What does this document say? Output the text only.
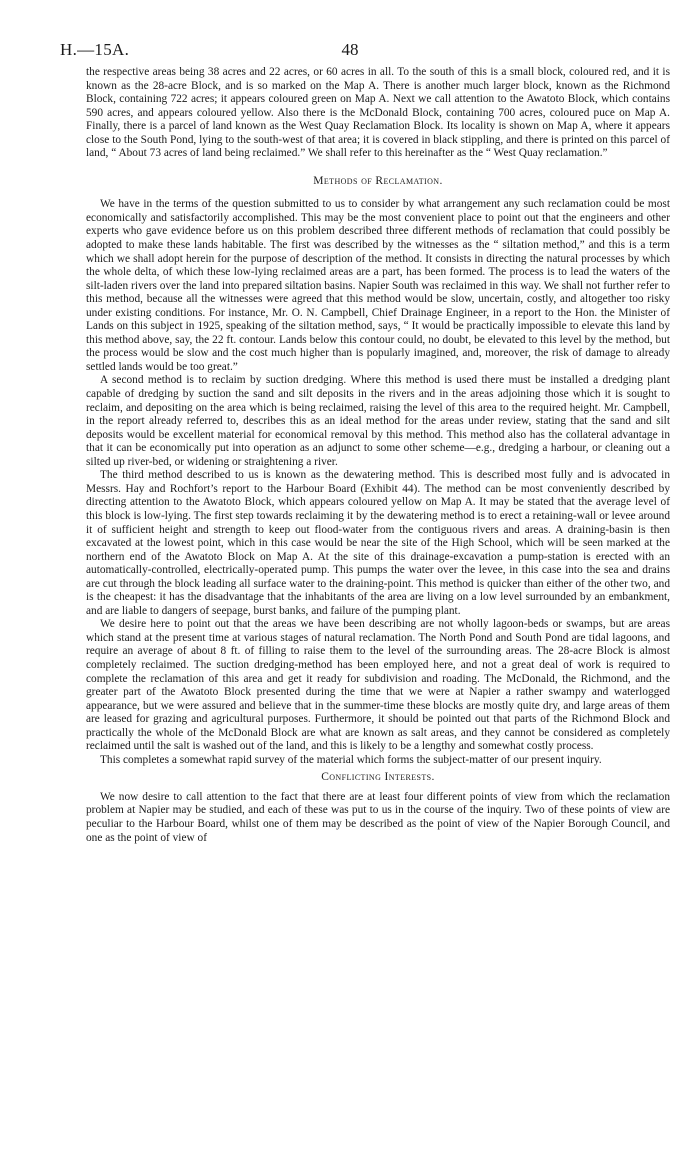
H.—15A.	48

the respective areas being 38 acres and 22 acres, or 60 acres in all. To the south of this is a small block, coloured red, and it is known as the 28-acre Block, and is so marked on the Map A. There is another much larger block, known as the Richmond Block, containing 722 acres; it appears coloured green on Map A. Next we call attention to the Awatoto Block, which contains 590 acres, and appears coloured yellow. Also there is the McDonald Block, containing 700 acres, coloured puce on Map A. Finally, there is a parcel of land known as the West Quay Reclamation Block. Its locality is shown on Map A, where it appears close to the South Pond, lying to the south-west of that area; it is covered in black stippling, and there is printed on this parcel of land, “ About 73 acres of land being reclaimed.” We shall refer to this hereinafter as the “ West Quay reclamation.”

Methods of Reclamation.

We have in the terms of the question submitted to us to consider by what arrangement any such reclamation could be most economically and satisfactorily accomplished. This may be the most convenient place to point out that the engineers and other experts who gave evidence before us on this problem described three different methods of reclamation that could possibly be adopted to make these lands habitable. The first was described by the witnesses as the “ siltation method,” and this is a term which we shall adopt herein for the purpose of description of the method. It consists in directing the natural processes by which the whole delta, of which these low-lying reclaimed areas are a part, has been formed. The process is to lead the waters of the silt-laden rivers over the land into prepared siltation basins. Napier South was reclaimed in this way. We shall not further refer to this method, because all the witnesses were agreed that this method would be slow, uncertain, costly, and altogether too risky under existing conditions. For instance, Mr. O. N. Campbell, Chief Drainage Engineer, in a report to the Hon. the Minister of Lands on this subject in 1925, speaking of the siltation method, says, “ It would be practically impossible to elevate this land by this method above, say, the 22 ft. contour. Lands below this contour could, no doubt, be elevated to this level by the method, but the process would be slow and the cost much higher than is popularly imagined, and, moreover, the risk of damage to already settled lands would be too great.”

A second method is to reclaim by suction dredging. Where this method is used there must be installed a dredging plant capable of dredging by suction the sand and silt deposits in the rivers and in the areas adjoining those which it is sought to reclaim, and depositing on the area which is being reclaimed, raising the level of this area to the required height. Mr. Campbell, in the report already referred to, describes this as an ideal method for the areas under review, stating that the sand and silt deposits would be excellent material for economical removal by this method. This method also has the collateral advantage in that it can be economically put into operation as an adjunct to some other scheme—e.g., dredging a harbour, or cleaning out a silted up river-bed, or widening or straightening a river.

The third method described to us is known as the dewatering method. This is described most fully and is advocated in Messrs. Hay and Rochfort’s report to the Harbour Board (Exhibit 44). The method can be most conveniently described by directing attention to the Awatoto Block, which appears coloured yellow on Map A. It may be stated that the average level of this block is low-lying. The first step towards reclaiming it by the dewatering method is to erect a retaining-wall or levee around it of sufficient height and strength to keep out flood-water from the contiguous rivers and areas. A draining-basin is then excavated at the lowest point, which in this case would be near the site of the High School, which will be seen marked at the northern end of the Awatoto Block on Map A. At the site of this drainage-excavation a pump-station is erected with an automatically-controlled, electrically-operated pump. This pumps the water over the levee, in this case into the sea and drains are cut through the block leading all surface water to the draining-point. This method is quicker than either of the other two, and is the cheapest: it has the disadvantage that the inhabitants of the area are living on a low level surrounded by an embankment, and are liable to dangers of seepage, burst banks, and failure of the pumping plant.

We desire here to point out that the areas we have been describing are not wholly lagoon-beds or swamps, but are areas which stand at the present time at various stages of natural reclamation. The North Pond and South Pond are tidal lagoons, and require an average of about 8 ft. of filling to raise them to the level of the surrounding areas. The 28-acre Block is almost completely reclaimed. The suction dredging-method has been employed here, and not a great deal of work is required to complete the reclamation of this area and get it ready for subdivision and roading. The McDonald, the Richmond, and the greater part of the Awatoto Block presented during the time that we were at Napier a rather swampy and waterlogged appearance, but we were assured and believe that in the summer-time these blocks are mostly quite dry, and large areas of them are leased for grazing and agricultural purposes. Furthermore, it should be pointed out that parts of the Richmond Block and practically the whole of the McDonald Block are what are known as salt areas, and they cannot be considered as completely reclaimed until the salt is washed out of the land, and this is likely to be a lengthy and somewhat costly process.

This completes a somewhat rapid survey of the material which forms the subject-matter of our present inquiry.

Conflicting Interests.

We now desire to call attention to the fact that there are at least four different points of view from which the reclamation problem at Napier may be studied, and each of these was put to us in the course of the inquiry. Two of these points of view are peculiar to the Harbour Board, whilst one of them may be described as the point of view of the Napier Borough Council, and one as the point of view of
